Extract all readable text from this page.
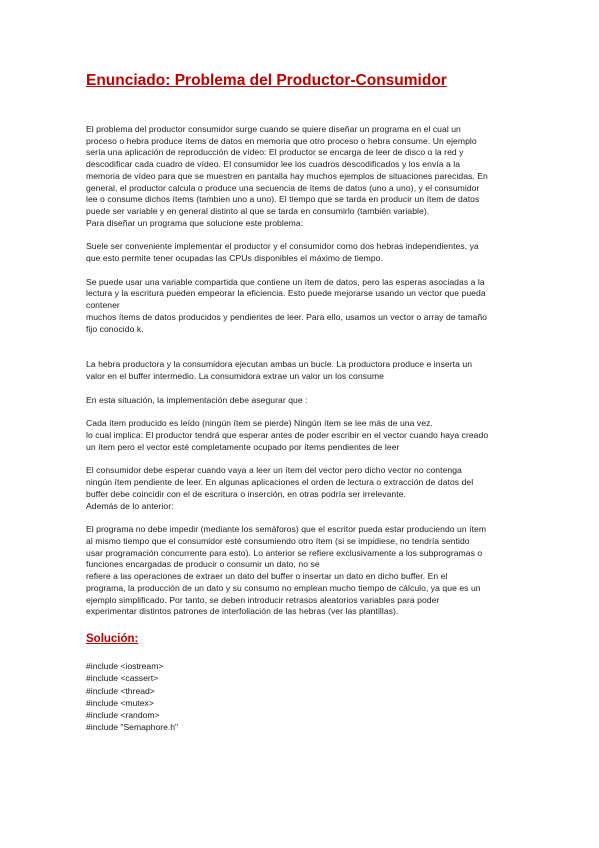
Enunciado: Problema del Productor-Consumidor
El problema del productor consumidor surge cuando se quiere diseñar un programa en el cual un
proceso o hebra produce ítems de datos en memoria que otro proceso o hebra consume. Un ejemplo
sería una aplicación de reproducción de vídeo: El productor se encarga de leer de disco o la red y
descodificar cada cuadro de vídeo. El consumidor lee los cuadros descodificados y los envía a la
memoria de vídeo para que se muestren en pantalla hay muchos ejemplos de situaciones parecidas. En
general, el productor calcula o produce una secuencia de ítems de datos (uno a uno), y el consumidor
lee o consume dichos ítems (tambien uno a uno). El tiempo que se tarda en producir un ítem de datos
puede ser variable y en general distinto al que se tarda en consumirlo (también variable).
Para diseñar un programa que solucione este problema:
Suele ser conveniente implementar el productor y el consumidor como dos hebras independientes, ya
que esto permite tener ocupadas las CPUs disponibles el máximo de tiempo.
Se puede usar una variable compartida que contiene un ítem de datos, pero las esperas asociadas a la
lectura y la escritura pueden empeorar la eficiencia. Esto puede mejorarse usando un vector que pueda
contener
muchos ítems de datos producidos y pendientes de leer. Para ello, usamos un vector o array de tamaño
fijo conocido k.
La hebra productora y la consumidora ejecutan ambas un bucle. La productora produce e inserta un
valor en el buffer intermedio. La consumidora extrae un valor un los consume
En esta situación, la implementación debe asegurar que :
Cada ítem producido es leído (ningún ítem se pierde) Ningún ítem se lee más de una vez.
lo cual implica: El productor tendrá que esperar antes de poder escribir en el vector cuando haya creado
un ítem pero el vector esté completamente ocupado por ítems pendientes de leer
El consumidor debe esperar cuando vaya a leer un ítem del vector pero dicho vector no contenga
ningún ítem pendiente de leer. En algunas aplicaciones el orden de lectura o extracción de datos del
buffer debe coincidir con el de escritura o inserción, en otras podría ser irrelevante.
Además de lo anterior:
El programa no debe impedir (mediante los semáforos) que el escritor pueda estar produciendo un ítem
al mismo tiempo que el consumidor esté consumiendo otro ítem (si se impidiese, no tendría sentido
usar programación concurrente para esto). Lo anterior se refiere exclusivamente a los subprogramas o
funciones encargadas de producir o consumir un dato, no se
refiere a las operaciones de extraer un dato del buffer o insertar un dato en dicho buffer. En el
programa, la producción de un dato y su consumo no emplean mucho tiempo de cálculo, ya que es un
ejemplo simplificado. Por tanto, se deben introducir retrasos aleatorios variables para poder
experimentar distintos patrones de interfoliación de las hebras (ver las plantillas).
Solución:
#include <iostream>
#include <cassert>
#include <thread>
#include <mutex>
#include <random>
#include "Semaphore.h"
